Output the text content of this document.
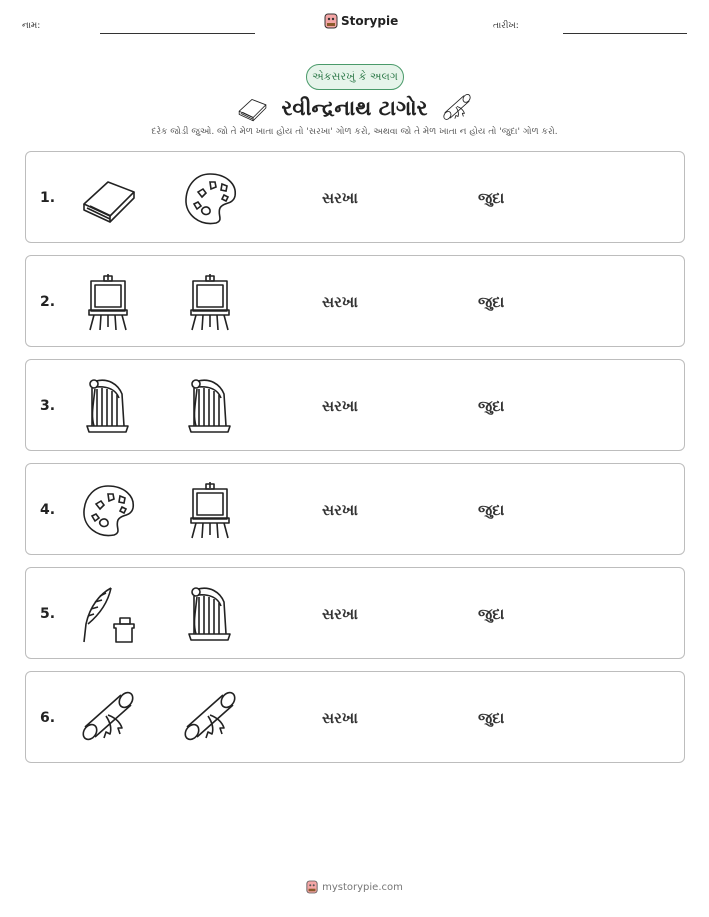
નામ:	Storypie	તારીખ:
એકસરખું કે અલગ
રવીન્દ્રનાથ ટાગોર
દરેક જોડી જુઓ. જો તે મેળ ખાતા હોય તો 'સરખા' ગોળ કરો, અથવા જો તે મેળ ખાતા ન હોય તો 'જુદા' ગોળ કરો.
1.	સરખા	જુદા
2.	સરખા	જુદા
3.	સરખા	જુદા
4.	સરખા	જુદા
5.	સરખા	જુદા
6.	સરખા	જુદા
mystorypie.com
